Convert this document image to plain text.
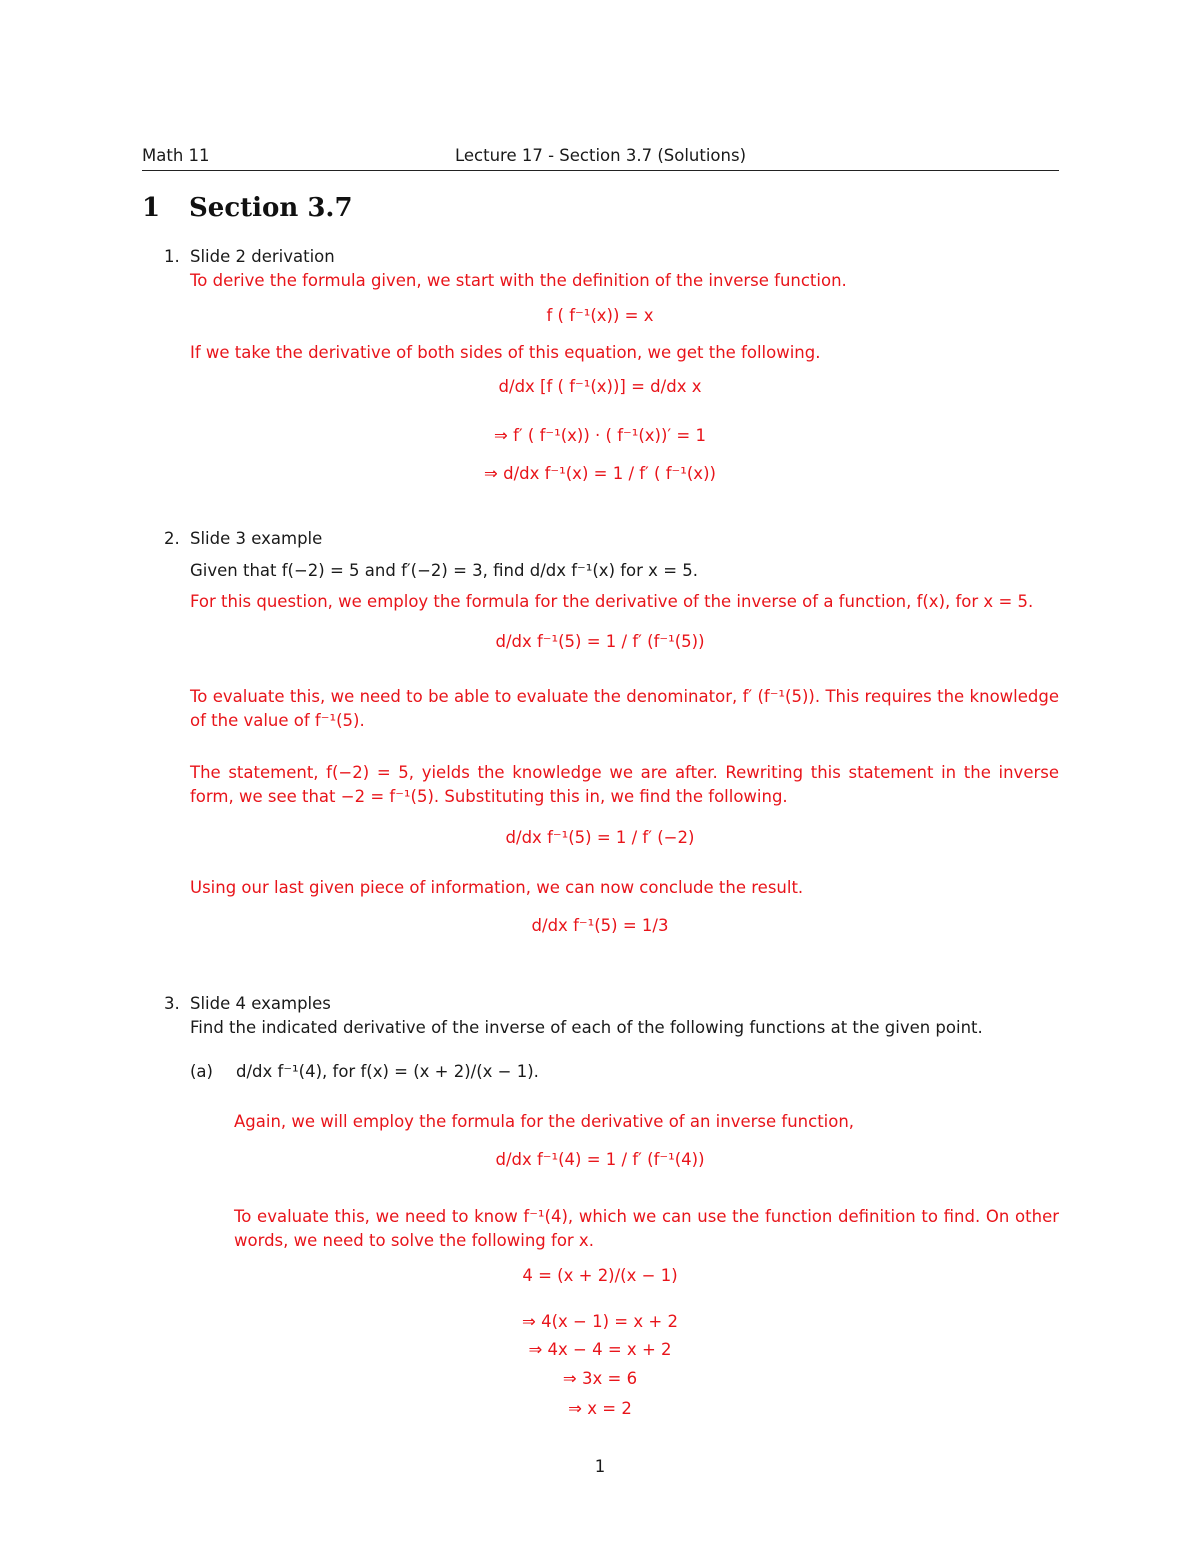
Math 11	Lecture 17 - Section 3.7 (Solutions)
1 Section 3.7
1. Slide 2 derivation
To derive the formula given, we start with the definition of the inverse function.
f ( f⁻¹(x)) = x
If we take the derivative of both sides of this equation, we get the following.
d/dx [f ( f⁻¹(x))] = d/dx x
⇒ f′ ( f⁻¹(x)) · ( f⁻¹(x))′ = 1
⇒ d/dx f⁻¹(x) = 1 / f′ ( f⁻¹(x))
2. Slide 3 example
Given that f(−2) = 5 and f′(−2) = 3, find d/dx f⁻¹(x) for x = 5.
For this question, we employ the formula for the derivative of the inverse of a function, f(x), for x = 5.
d/dx f⁻¹(5) = 1 / f′ (f⁻¹(5))
To evaluate this, we need to be able to evaluate the denominator, f′ (f⁻¹(5)). This requires the knowledge of the value of f⁻¹(5).
The statement, f(−2) = 5, yields the knowledge we are after. Rewriting this statement in the inverse form, we see that −2 = f⁻¹(5). Substituting this in, we find the following.
d/dx f⁻¹(5) = 1 / f′ (−2)
Using our last given piece of information, we can now conclude the result.
d/dx f⁻¹(5) = 1/3
3. Slide 4 examples
Find the indicated derivative of the inverse of each of the following functions at the given point.
(a) d/dx f⁻¹(4), for f(x) = (x + 2)/(x − 1).
Again, we will employ the formula for the derivative of an inverse function,
d/dx f⁻¹(4) = 1 / f′ (f⁻¹(4))
To evaluate this, we need to know f⁻¹(4), which we can use the function definition to find. On other words, we need to solve the following for x.
4 = (x + 2)/(x − 1)
⇒ 4(x − 1) = x + 2
⇒ 4x − 4 = x + 2
⇒ 3x = 6
⇒ x = 2
1
